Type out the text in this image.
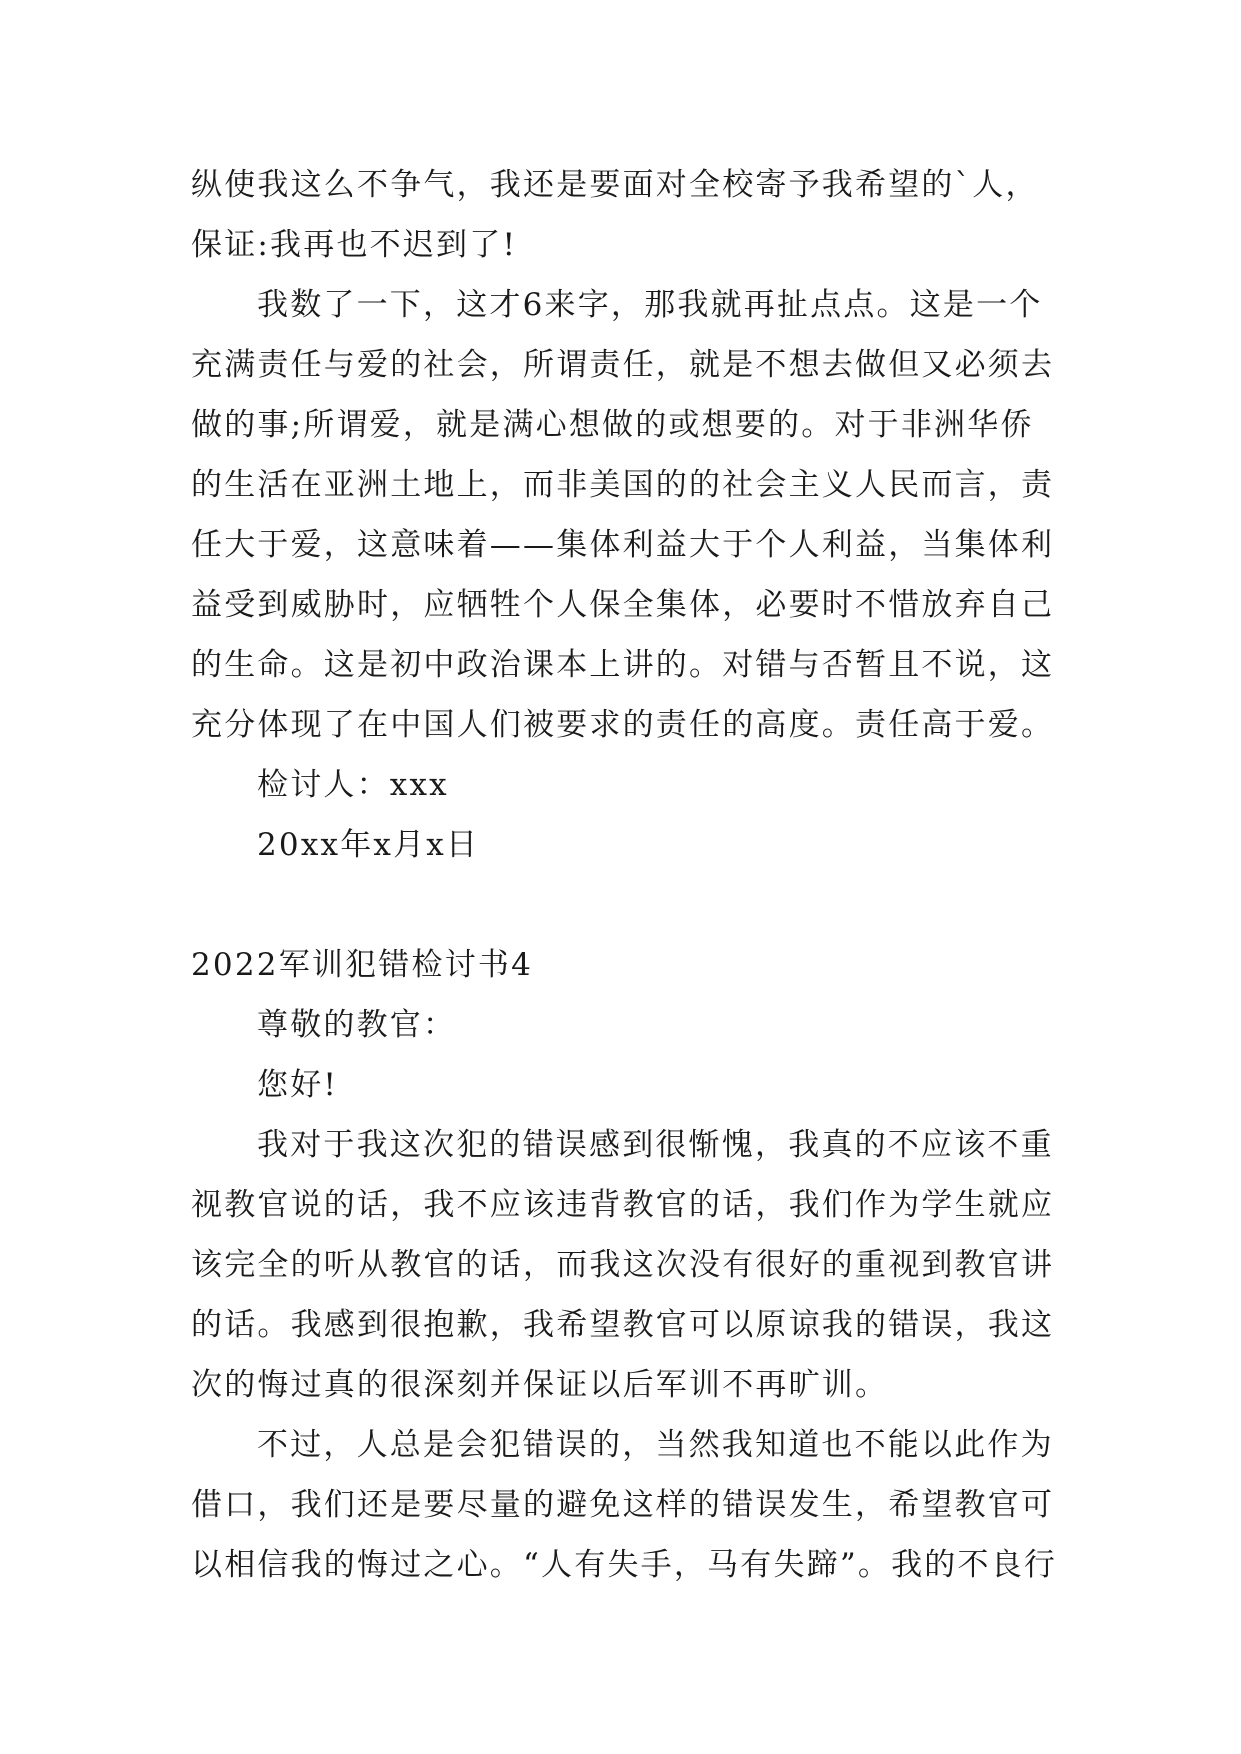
纵使我这么不争气，我还是要面对全校寄予我希望的`人，
保证:我再也不迟到了!
我数了一下，这才6来字，那我就再扯点点。这是一个
充满责任与爱的社会，所谓责任，就是不想去做但又必须去
做的事;所谓爱，就是满心想做的或想要的。对于非洲华侨
的生活在亚洲土地上，而非美国的的社会主义人民而言，责
任大于爱，这意味着——集体利益大于个人利益，当集体利
益受到威胁时，应牺牲个人保全集体，必要时不惜放弃自己
的生命。这是初中政治课本上讲的。对错与否暂且不说，这
充分体现了在中国人们被要求的责任的高度。责任高于爱。
检讨人：xxx
20xx年x月x日
2022军训犯错检讨书4
尊敬的教官：
您好!
我对于我这次犯的错误感到很惭愧，我真的不应该不重
视教官说的话，我不应该违背教官的话，我们作为学生就应
该完全的听从教官的话，而我这次没有很好的重视到教官讲
的话。我感到很抱歉，我希望教官可以原谅我的错误，我这
次的悔过真的很深刻并保证以后军训不再旷训。
不过，人总是会犯错误的，当然我知道也不能以此作为
借口，我们还是要尽量的避免这样的错误发生，希望教官可
以相信我的悔过之心。“人有失手，马有失蹄”。我的不良行
